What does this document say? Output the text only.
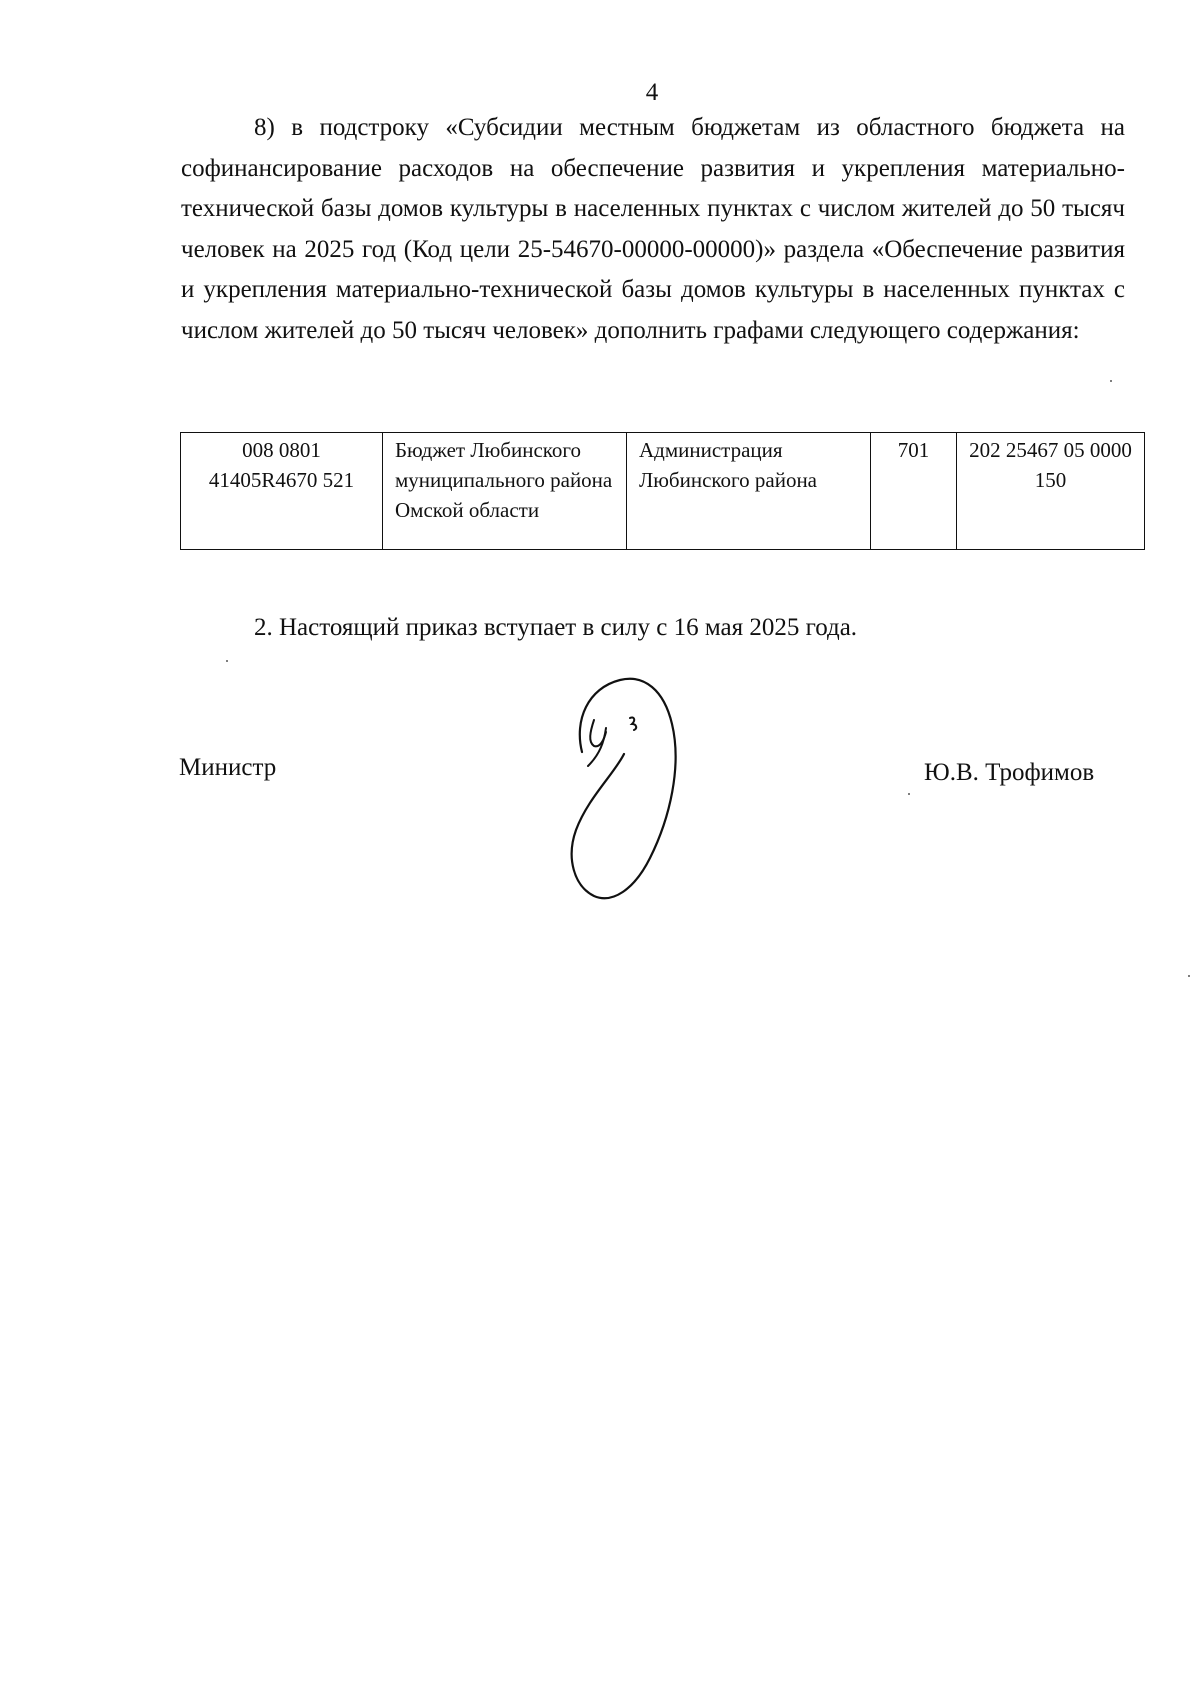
4

8) в подстроку «Субсидии местным бюджетам из областного бюджета на софинансирование расходов на обеспечение развития и укрепления материально-технической базы домов культуры в населенных пунктах с числом жителей до 50 тысяч человек на 2025 год (Код цели 25-54670-00000-00000)» раздела «Обеспечение развития и укрепления материально-технической базы домов культуры в населенных пунктах с числом жителей до 50 тысяч человек» дополнить графами следующего содержания:

008 0801 41405R4670 521	Бюджет Любинского муниципального района Омской области	Администрация Любинского района	701	202 25467 05 0000 150

2. Настоящий приказ вступает в силу с 16 мая 2025 года.

Министр	Ю.В. Трофимов
